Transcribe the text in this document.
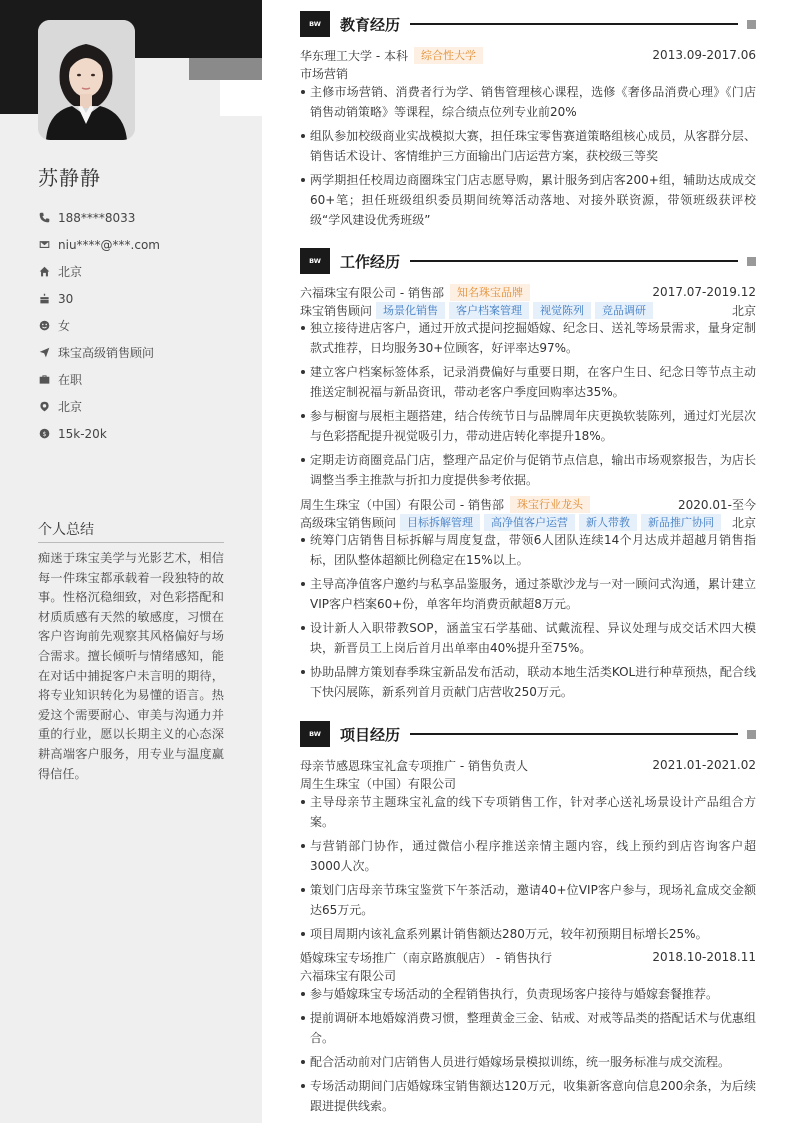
苏静静
188****8033
niu****@***.com
北京
30
女
珠宝高级销售顾问
在职
北京
$ 15k-20k
个人总结
痴迷于珠宝美学与光影艺术，相信每一件珠宝都承载着一段独特的故事。性格沉稳细致，对色彩搭配和材质质感有天然的敏感度，习惯在客户咨询前先观察其风格偏好与场合需求。擅长倾听与情绪感知，能在对话中捕捉客户未言明的期待，将专业知识转化为易懂的语言。热爱这个需要耐心、审美与沟通力并重的行业，愿以长期主义的心态深耕高端客户服务，用专业与温度赢得信任。
BW	教育经历
华东理工大学 - 本科	综合性大学	2013.09-2017.06
市场营销
主修市场营销、消费者行为学、销售管理核心课程，选修《奢侈品消费心理》《门店销售动销策略》等课程，综合绩点位列专业前20%
组队参加校级商业实战模拟大赛，担任珠宝零售赛道策略组核心成员，从客群分层、销售话术设计、客情维护三方面输出门店运营方案，获校级三等奖
两学期担任校周边商圈珠宝门店志愿导购，累计服务到店客200+组，辅助达成成交60+笔；担任班级组织委员期间统筹活动落地、对接外联资源，带领班级获评校级“学风建设优秀班级”
BW	工作经历
六福珠宝有限公司 - 销售部	知名珠宝品牌	2017.07-2019.12
珠宝销售顾问	场景化销售	客户档案管理	视觉陈列	竞品调研	北京
独立接待进店客户，通过开放式提问挖掘婚嫁、纪念日、送礼等场景需求，量身定制款式推荐，日均服务30+位顾客，好评率达97%。
建立客户档案标签体系，记录消费偏好与重要日期，在客户生日、纪念日等节点主动推送定制祝福与新品资讯，带动老客户季度回购率达35%。
参与橱窗与展柜主题搭建，结合传统节日与品牌周年庆更换软装陈列，通过灯光层次与色彩搭配提升视觉吸引力，带动进店转化率提升18%。
定期走访商圈竞品门店，整理产品定价与促销节点信息，输出市场观察报告，为店长调整当季主推款与折扣力度提供参考依据。
周生生珠宝（中国）有限公司 - 销售部	珠宝行业龙头	2020.01-至今
高级珠宝销售顾问	目标拆解管理	高净值客户运营	新人带教	新品推广协同	北京
统筹门店销售目标拆解与周度复盘，带领6人团队连续14个月达成并超越月销售指标，团队整体超额比例稳定在15%以上。
主导高净值客户邀约与私享品鉴服务，通过茶歇沙龙与一对一顾问式沟通，累计建立VIP客户档案60+份，单客年均消费贡献超8万元。
设计新人入职带教SOP，涵盖宝石学基础、试戴流程、异议处理与成交话术四大模块，新晋员工上岗后首月出单率由40%提升至75%。
协助品牌方策划春季珠宝新品发布活动，联动本地生活类KOL进行种草预热，配合线下快闪展陈，新系列首月贡献门店营收250万元。
BW	项目经历
母亲节感恩珠宝礼盒专项推广 - 销售负责人	2021.01-2021.02
周生生珠宝（中国）有限公司
主导母亲节主题珠宝礼盒的线下专项销售工作，针对孝心送礼场景设计产品组合方案。
与营销部门协作，通过微信小程序推送亲情主题内容，线上预约到店咨询客户超3000人次。
策划门店母亲节珠宝鉴赏下午茶活动，邀请40+位VIP客户参与，现场礼盒成交金额达65万元。
项目周期内该礼盒系列累计销售额达280万元，较年初预期目标增长25%。
婚嫁珠宝专场推广（南京路旗舰店） - 销售执行	2018.10-2018.11
六福珠宝有限公司
参与婚嫁珠宝专场活动的全程销售执行，负责现场客户接待与婚嫁套餐推荐。
提前调研本地婚嫁消费习惯，整理黄金三金、钻戒、对戒等品类的搭配话术与优惠组合。
配合活动前对门店销售人员进行婚嫁场景模拟训练，统一服务标准与成交流程。
专场活动期间门店婚嫁珠宝销售额达120万元，收集新客意向信息200余条，为后续跟进提供线索。
